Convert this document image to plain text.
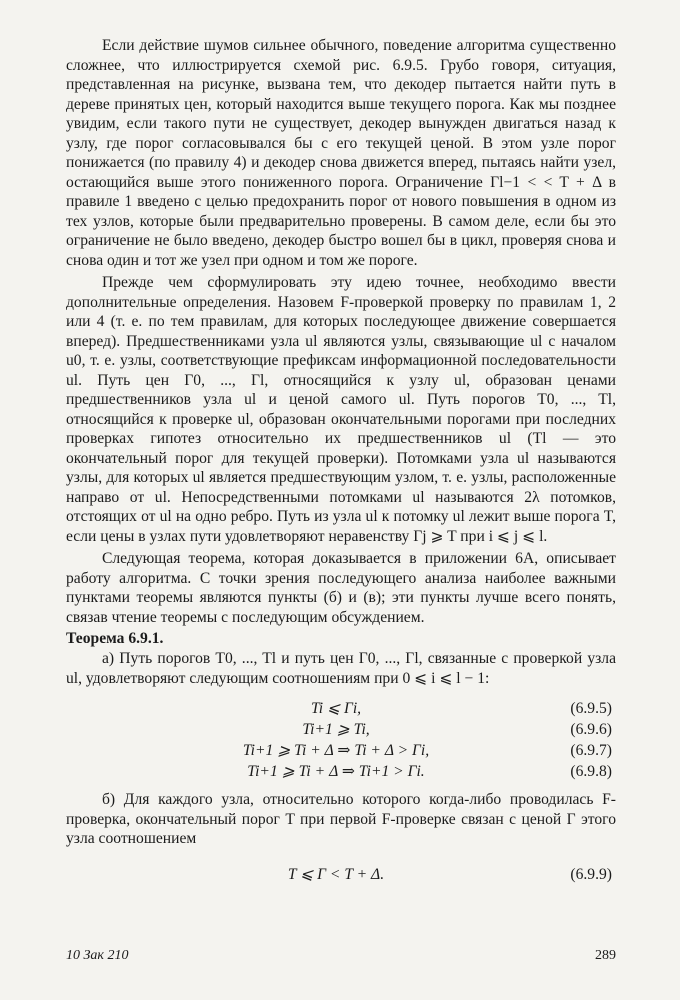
Если действие шумов сильнее обычного, поведение алгоритма существенно сложнее, что иллюстрируется схемой рис. 6.9.5. Грубо говоря, ситуация, представленная на рисунке, вызвана тем, что декодер пытается найти путь в дереве принятых цен, который находится выше текущего порога. Как мы позднее увидим, если такого пути не существует, декодер вынужден двигаться назад к узлу, где порог согласовывался бы с его текущей ценой. В этом узле порог понижается (по правилу 4) и декодер снова движется вперед, пытаясь найти узел, остающийся выше этого пониженного порога. Ограничение Γl−1 < < T + Δ в правиле 1 введено с целью предохранить порог от нового повышения в одном из тех узлов, которые были предварительно проверены. В самом деле, если бы это ограничение не было введено, декодер быстро вошел бы в цикл, проверяя снова и снова один и тот же узел при одном и том же пороге.

Прежде чем сформулировать эту идею точнее, необходимо ввести дополнительные определения. Назовем F-проверкой проверку по правилам 1, 2 или 4 (т. е. по тем правилам, для которых последующее движение совершается вперед). Предшественниками узла ul являются узлы, связывающие ul с началом u0, т. е. узлы, соответствующие префиксам информационной последовательности ul. Путь цен Γ0, ..., Γl, относящийся к узлу ul, образован ценами предшественников узла ul и ценой самого ul. Путь порогов T0, ..., Tl, относящийся к проверке ul, образован окончательными порогами при последних проверках гипотез относительно их предшественников ul (Tl — это окончательный порог для текущей проверки). Потомками узла ul называются узлы, для которых ul является предшествующим узлом, т. е. узлы, расположенные направо от ul. Непосредственными потомками ul называются 2λ потомков, отстоящих от ul на одно ребро. Путь из узла ul к потомку ul лежит выше порога T, если цены в узлах пути удовлетворяют неравенству Γj ⩾ T при i ⩽ j ⩽ l.

Следующая теорема, которая доказывается в приложении 6А, описывает работу алгоритма. С точки зрения последующего анализа наиболее важными пунктами теоремы являются пункты (б) и (в); эти пункты лучше всего понять, связав чтение теоремы с последующим обсуждением.

Теорема 6.9.1.

а) Путь порогов T0, ..., Tl и путь цен Γ0, ..., Γl, связанные с проверкой узла ul, удовлетворяют следующим соотношениям при 0 ⩽ i ⩽ l − 1:

Ti ⩽ Γi,	(6.9.5)
Ti+1 ⩾ Ti,	(6.9.6)
Ti+1 ⩾ Ti + Δ ⇒ Ti + Δ > Γi,	(6.9.7)
Ti+1 ⩾ Ti + Δ ⇒ Ti+1 > Γi.	(6.9.8)

б) Для каждого узла, относительно которого когда-либо проводилась F-проверка, окончательный порог T при первой F-проверке связан с ценой Γ этого узла соотношением

T ⩽ Γ < T + Δ.	(6.9.9)
10 Зак 210	289
